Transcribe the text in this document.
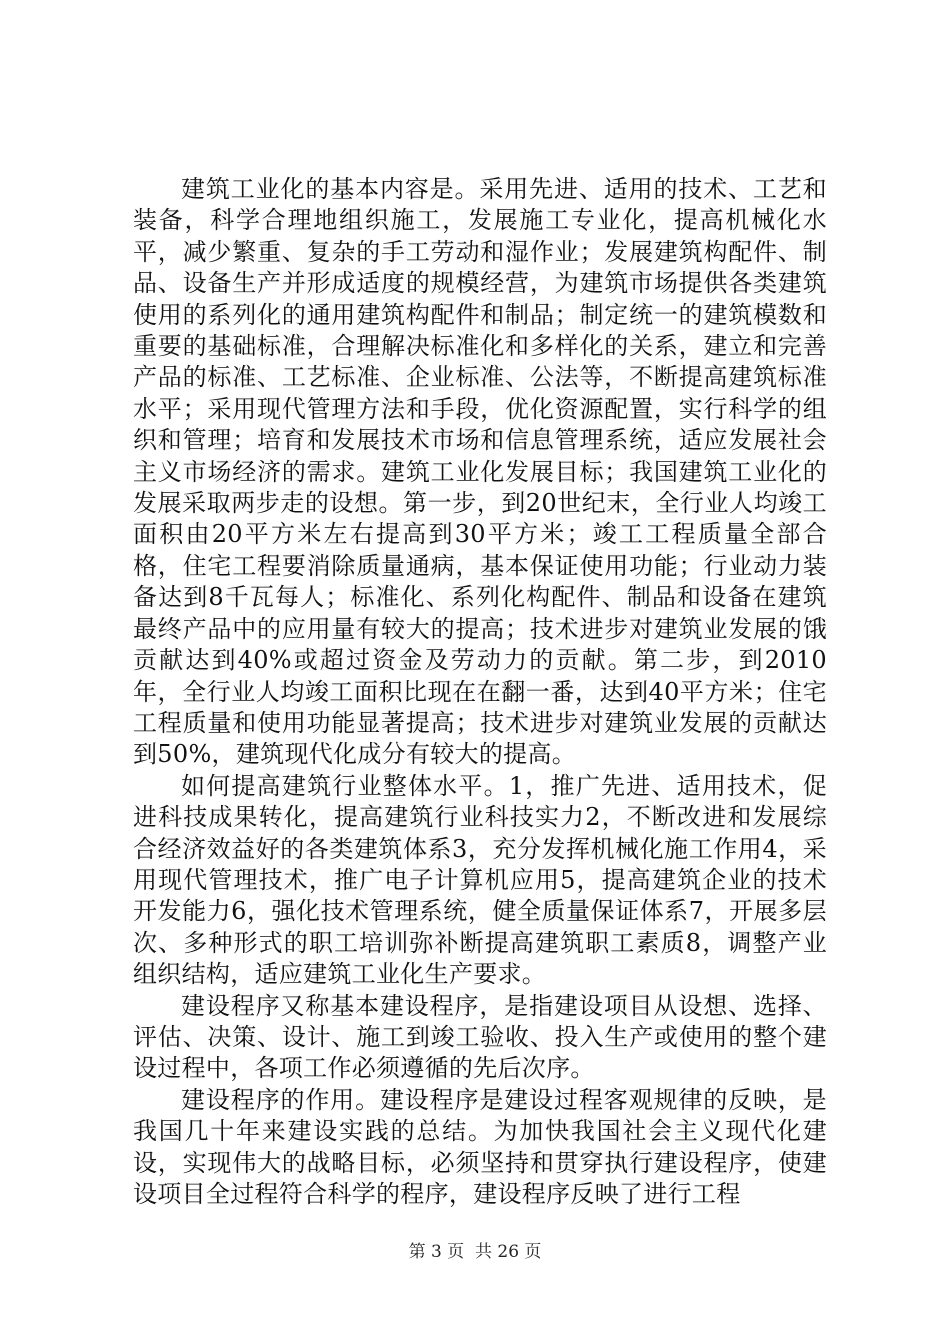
建筑工业化的基本内容是。采用先进、适用的技术、工艺和装备，科学合理地组织施工，发展施工专业化，提高机械化水平，减少繁重、复杂的手工劳动和湿作业；发展建筑构配件、制品、设备生产并形成适度的规模经营，为建筑市场提供各类建筑使用的系列化的通用建筑构配件和制品；制定统一的建筑模数和重要的基础标准，合理解决标准化和多样化的关系，建立和完善产品的标准、工艺标准、企业标准、公法等，不断提高建筑标准水平；采用现代管理方法和手段，优化资源配置，实行科学的组织和管理；培育和发展技术市场和信息管理系统，适应发展社会主义市场经济的需求。建筑工业化发展目标；我国建筑工业化的发展采取两步走的设想。第一步，到20世纪末，全行业人均竣工面积由20平方米左右提高到30平方米；竣工工程质量全部合格，住宅工程要消除质量通病，基本保证使用功能；行业动力装备达到8千瓦每人；标准化、系列化构配件、制品和设备在建筑最终产品中的应用量有较大的提高；技术进步对建筑业发展的饿贡献达到40%或超过资金及劳动力的贡献。第二步，到2010年，全行业人均竣工面积比现在在翻一番，达到40平方米；住宅工程质量和使用功能显著提高；技术进步对建筑业发展的贡献达到50%，建筑现代化成分有较大的提高。

如何提高建筑行业整体水平。1，推广先进、适用技术，促进科技成果转化，提高建筑行业科技实力2，不断改进和发展综合经济效益好的各类建筑体系3，充分发挥机械化施工作用4，采用现代管理技术，推广电子计算机应用5，提高建筑企业的技术开发能力6，强化技术管理系统，健全质量保证体系7，开展多层次、多种形式的职工培训弥补断提高建筑职工素质8，调整产业组织结构，适应建筑工业化生产要求。

建设程序又称基本建设程序，是指建设项目从设想、选择、评估、决策、设计、施工到竣工验收、投入生产或使用的整个建设过程中，各项工作必须遵循的先后次序。

建设程序的作用。建设程序是建设过程客观规律的反映，是我国几十年来建设实践的总结。为加快我国社会主义现代化建设，实现伟大的战略目标，必须坚持和贯穿执行建设程序，使建设项目全过程符合科学的程序，建设程序反映了进行工程

第 3 页  共 26 页
